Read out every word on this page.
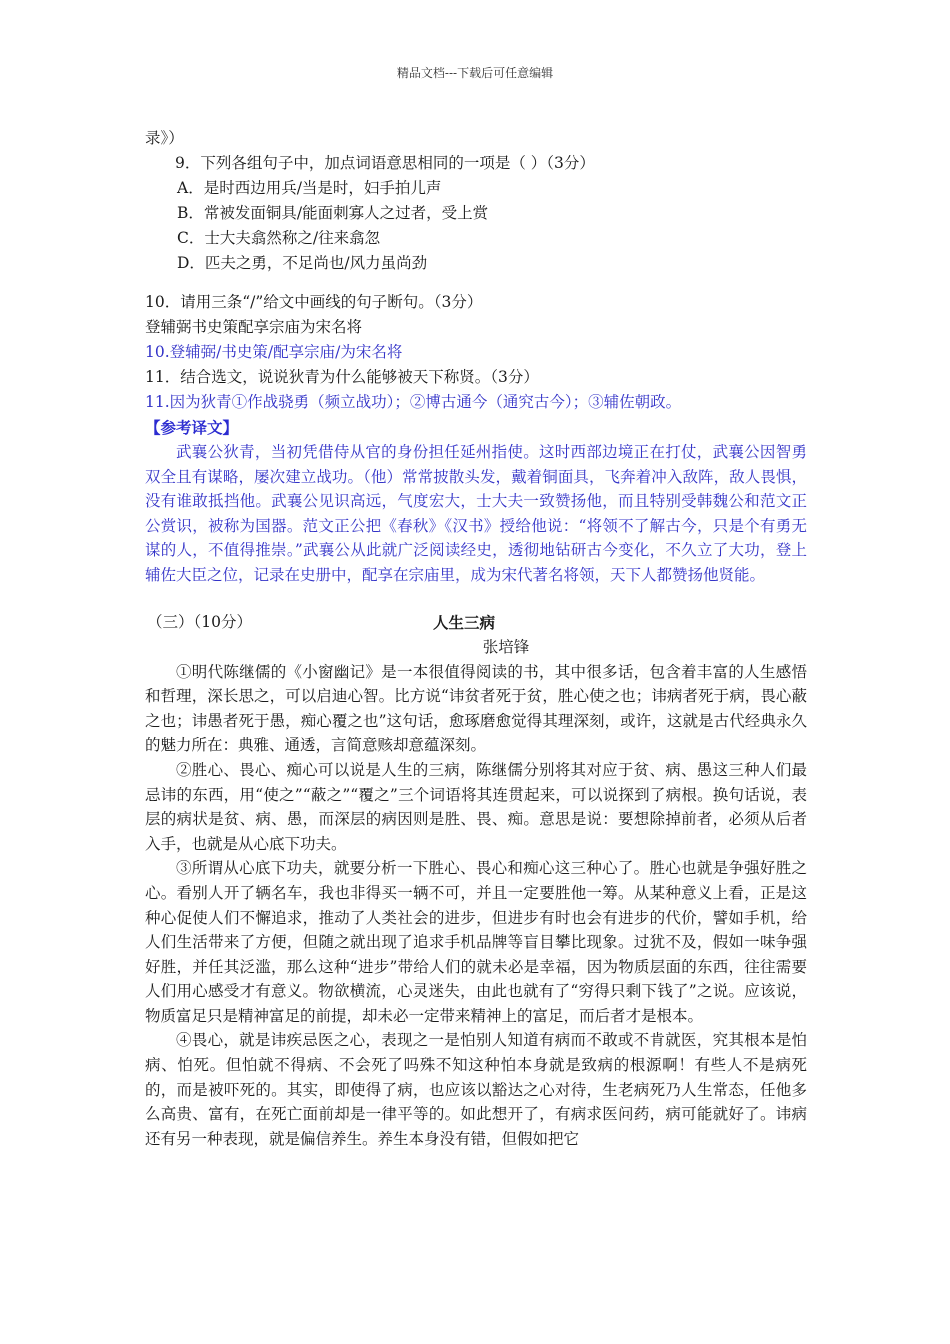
精品文档---下载后可任意编辑
录》）
9．下列各组句子中，加点词语意思相同的一项是（ ）（3分）
A．是时西边用兵/当是时，妇手拍儿声
B．常被发面铜具/能面刺寡人之过者，受上赏
C．士大夫翕然称之/往来翕忽
D．匹夫之勇，不足尚也/风力虽尚劲
10．请用三条“/”给文中画线的句子断句。（3分）
登辅弼书史策配享宗庙为宋名将
10.登辅弼/书史策/配享宗庙/为宋名将
11．结合选文，说说狄青为什么能够被天下称贤。（3分）
11.因为狄青①作战骁勇（频立战功）；②博古通今（通究古今）；③辅佐朝政。
【参考译文】
武襄公狄青，当初凭借侍从官的身份担任延州指使。这时西部边境正在打仗，武襄公因智勇双全且有谋略，屡次建立战功。（他）常常披散头发，戴着铜面具，飞奔着冲入敌阵，敌人畏惧，没有谁敢抵挡他。武襄公见识高远，气度宏大，士大夫一致赞扬他，而且特别受韩魏公和范文正公赏识，被称为国器。范文正公把《春秋》《汉书》授给他说：“将领不了解古今，只是个有勇无谋的人，不值得推崇。”武襄公从此就广泛阅读经史，透彻地钻研古今变化，不久立了大功，登上辅佐大臣之位，记录在史册中，配享在宗庙里，成为宋代著名将领，天下人都赞扬他贤能。
（三）（10分）	人生三病
张培锋
①明代陈继儒的《小窗幽记》是一本很值得阅读的书，其中很多话，包含着丰富的人生感悟和哲理，深长思之，可以启迪心智。比方说“讳贫者死于贫，胜心使之也；讳病者死于病，畏心蔽之也；讳愚者死于愚，痴心覆之也”这句话，愈琢磨愈觉得其理深刻，或许，这就是古代经典永久的魅力所在：典雅、通透，言简意赅却意蕴深刻。
②胜心、畏心、痴心可以说是人生的三病，陈继儒分别将其对应于贫、病、愚这三种人们最忌讳的东西，用“使之”“蔽之”“覆之”三个词语将其连贯起来，可以说探到了病根。换句话说，表层的病状是贫、病、愚，而深层的病因则是胜、畏、痴。意思是说：要想除掉前者，必须从后者入手，也就是从心底下功夫。
③所谓从心底下功夫，就要分析一下胜心、畏心和痴心这三种心了。胜心也就是争强好胜之心。看别人开了辆名车，我也非得买一辆不可，并且一定要胜他一筹。从某种意义上看，正是这种心促使人们不懈追求，推动了人类社会的进步，但进步有时也会有进步的代价，譬如手机，给人们生活带来了方便，但随之就出现了追求手机品牌等盲目攀比现象。过犹不及，假如一味争强好胜，并任其泛滥，那么这种“进步”带给人们的就未必是幸福，因为物质层面的东西，往往需要人们用心感受才有意义。物欲横流，心灵迷失，由此也就有了“穷得只剩下钱了”之说。应该说，物质富足只是精神富足的前提，却未必一定带来精神上的富足，而后者才是根本。
④畏心，就是讳疾忌医之心，表现之一是怕别人知道有病而不敢或不肯就医，究其根本是怕病、怕死。但怕就不得病、不会死了吗殊不知这种怕本身就是致病的根源啊！有些人不是病死的，而是被吓死的。其实，即使得了病，也应该以豁达之心对待，生老病死乃人生常态，任他多么高贵、富有，在死亡面前却是一律平等的。如此想开了，有病求医问药，病可能就好了。讳病还有另一种表现，就是偏信养生。养生本身没有错，但假如把它
